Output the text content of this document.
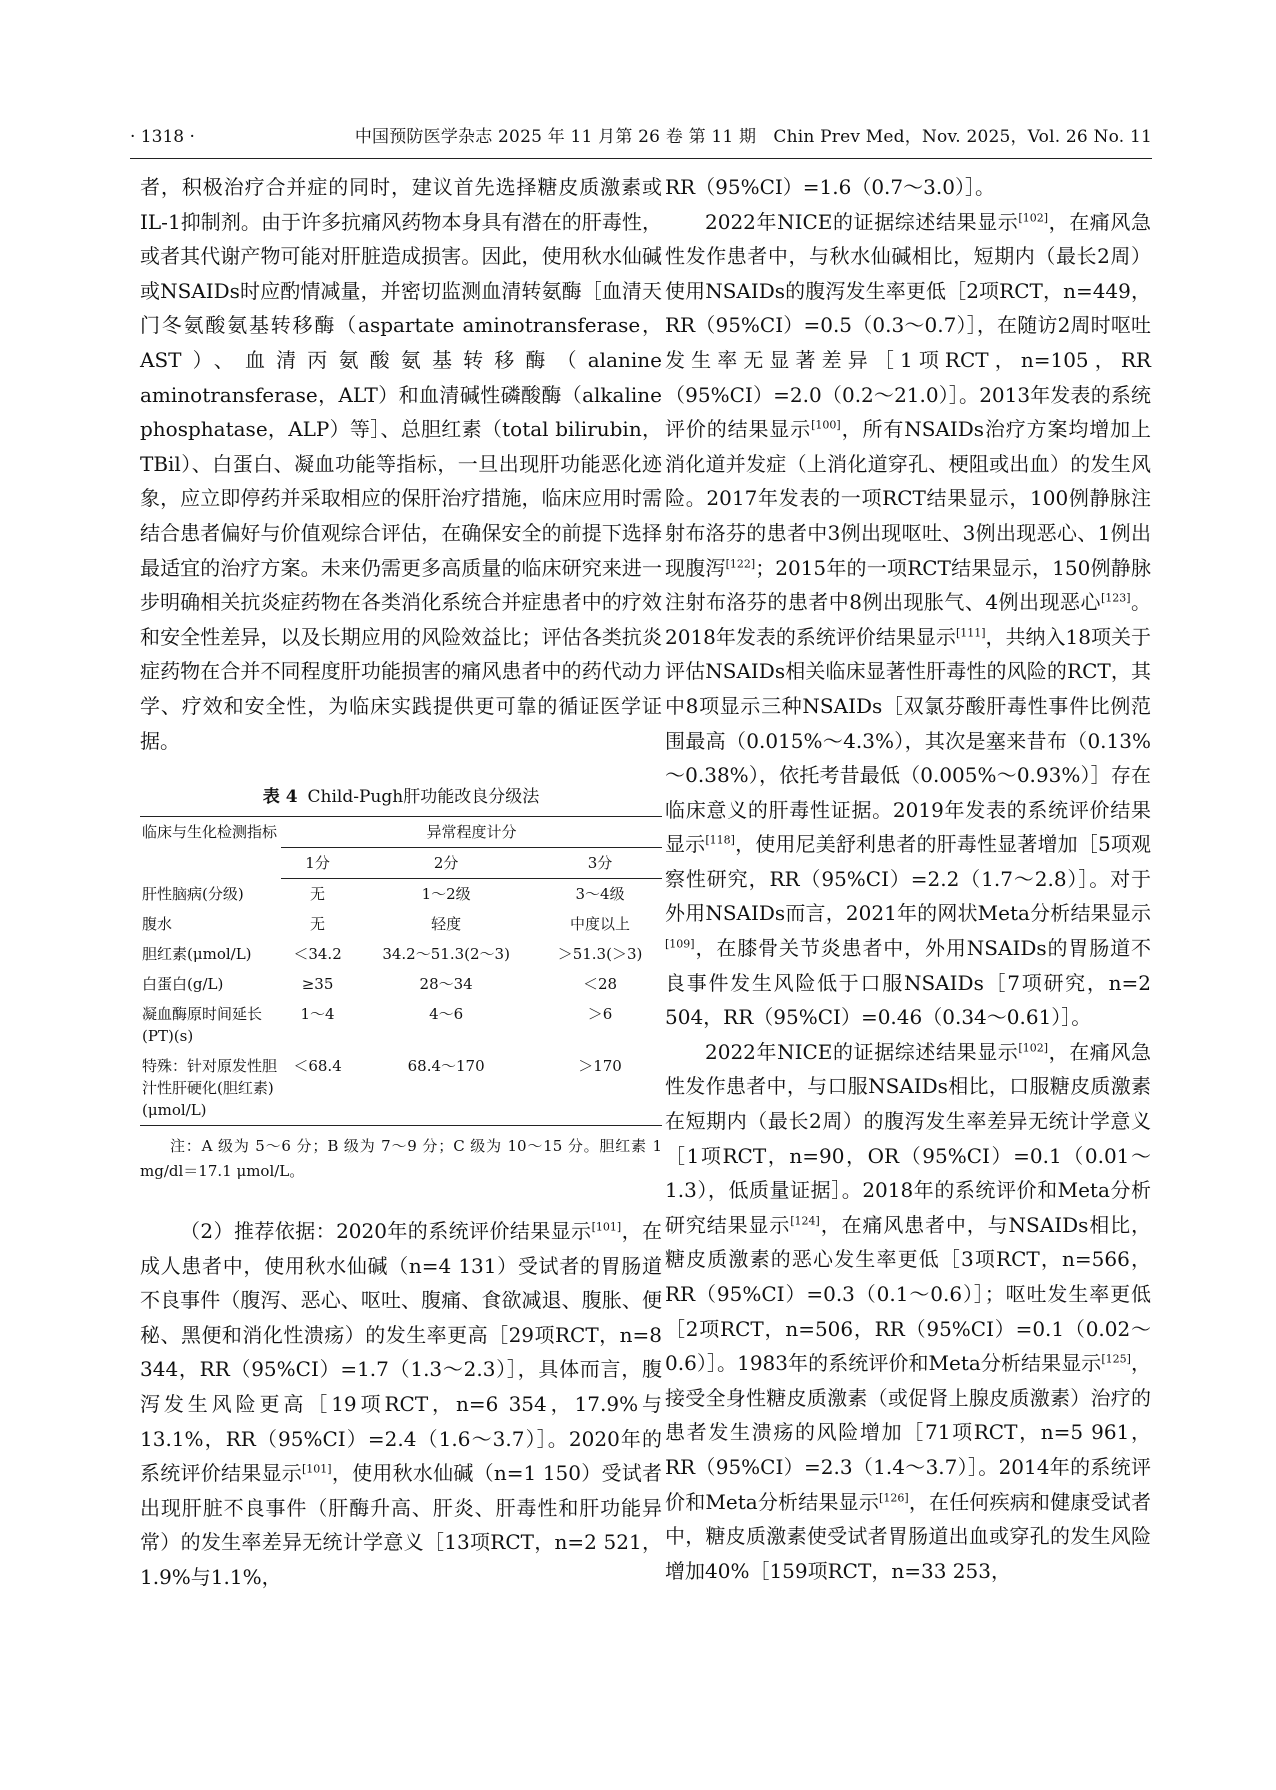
· 1318 ·	中国预防医学杂志 2025 年 11 月第 26 卷 第 11 期　Chin Prev Med，Nov. 2025，Vol. 26 No. 11

者，积极治疗合并症的同时，建议首先选择糖皮质激素或IL-1抑制剂。由于许多抗痛风药物本身具有潜在的肝毒性，或者其代谢产物可能对肝脏造成损害。因此，使用秋水仙碱或NSAIDs时应酌情减量，并密切监测血清转氨酶［血清天门冬氨酸氨基转移酶（aspartate aminotransferase，AST）、血清丙氨酸氨基转移酶（alanine aminotransferase，ALT）和血清碱性磷酸酶（alkaline phosphatase，ALP）等］、总胆红素（total bilirubin，TBil）、白蛋白、凝血功能等指标，一旦出现肝功能恶化迹象，应立即停药并采取相应的保肝治疗措施，临床应用时需结合患者偏好与价值观综合评估，在确保安全的前提下选择最适宜的治疗方案。未来仍需更多高质量的临床研究来进一步明确相关抗炎症药物在各类消化系统合并症患者中的疗效和安全性差异，以及长期应用的风险效益比；评估各类抗炎症药物在合并不同程度肝功能损害的痛风患者中的药代动力学、疗效和安全性，为临床实践提供更可靠的循证医学证据。

表 4 Child-Pugh肝功能改良分级法
临床与生化检测指标	异常程度计分		
	1分	2分	3分
肝性脑病(分级)	无	1～2级	3～4级
腹水	无	轻度	中度以上
胆红素(μmol/L)	＜34.2	34.2～51.3(2～3)	＞51.3(＞3)
白蛋白(g/L)	≥35	28～34	＜28
凝血酶原时间延长(PT)(s)	1～4	4～6	＞6
特殊：针对原发性胆汁性肝硬化(胆红素)(μmol/L)	＜68.4	68.4～170	＞170
注：A 级为 5～6 分；B 级为 7～9 分；C 级为 10～15 分。胆红素 1 mg/dl＝17.1 μmol/L。

（2）推荐依据：2020年的系统评价结果显示[101]，在成人患者中，使用秋水仙碱（n=4 131）受试者的胃肠道不良事件（腹泻、恶心、呕吐、腹痛、食欲减退、腹胀、便秘、黑便和消化性溃疡）的发生率更高［29项RCT，n=8 344，RR（95%CI）=1.7（1.3～2.3）］，具体而言，腹泻发生风险更高［19项RCT，n=6 354，17.9%与13.1%，RR（95%CI）=2.4（1.6～3.7）］。2020年的系统评价结果显示[101]，使用秋水仙碱（n=1 150）受试者出现肝脏不良事件（肝酶升高、肝炎、肝毒性和肝功能异常）的发生率差异无统计学意义［13项RCT，n=2 521，1.9%与1.1%，

RR（95%CI）=1.6（0.7～3.0）］。

2022年NICE的证据综述结果显示[102]，在痛风急性发作患者中，与秋水仙碱相比，短期内（最长2周）使用NSAIDs的腹泻发生率更低［2项RCT，n=449，RR（95%CI）=0.5（0.3～0.7）］，在随访2周时呕吐发生率无显著差异［1项RCT，n=105，RR（95%CI）=2.0（0.2～21.0）］。2013年发表的系统评价的结果显示[100]，所有NSAIDs治疗方案均增加上消化道并发症（上消化道穿孔、梗阻或出血）的发生风险。2017年发表的一项RCT结果显示，100例静脉注射布洛芬的患者中3例出现呕吐、3例出现恶心、1例出现腹泻[122]；2015年的一项RCT结果显示，150例静脉注射布洛芬的患者中8例出现胀气、4例出现恶心[123]。2018年发表的系统评价结果显示[111]，共纳入18项关于评估NSAIDs相关临床显著性肝毒性的风险的RCT，其中8项显示三种NSAIDs［双氯芬酸肝毒性事件比例范围最高（0.015%～4.3%），其次是塞来昔布（0.13%～0.38%），依托考昔最低（0.005%～0.93%）］存在临床意义的肝毒性证据。2019年发表的系统评价结果显示[118]，使用尼美舒利患者的肝毒性显著增加［5项观察性研究，RR（95%CI）=2.2（1.7～2.8）］。对于外用NSAIDs而言，2021年的网状Meta分析结果显示[109]，在膝骨关节炎患者中，外用NSAIDs的胃肠道不良事件发生风险低于口服NSAIDs［7项研究，n=2 504，RR（95%CI）=0.46（0.34～0.61）］。

2022年NICE的证据综述结果显示[102]，在痛风急性发作患者中，与口服NSAIDs相比，口服糖皮质激素在短期内（最长2周）的腹泻发生率差异无统计学意义［1项RCT，n=90，OR（95%CI）=0.1（0.01～1.3），低质量证据］。2018年的系统评价和Meta分析研究结果显示[124]，在痛风患者中，与NSAIDs相比，糖皮质激素的恶心发生率更低［3项RCT，n=566，RR（95%CI）=0.3（0.1～0.6）］；呕吐发生率更低［2项RCT，n=506，RR（95%CI）=0.1（0.02～0.6）］。1983年的系统评价和Meta分析结果显示[125]，接受全身性糖皮质激素（或促肾上腺皮质激素）治疗的患者发生溃疡的风险增加［71项RCT，n=5 961，RR（95%CI）=2.3（1.4～3.7）］。2014年的系统评价和Meta分析结果显示[126]，在任何疾病和健康受试者中，糖皮质激素使受试者胃肠道出血或穿孔的发生风险增加40%［159项RCT，n=33 253，
